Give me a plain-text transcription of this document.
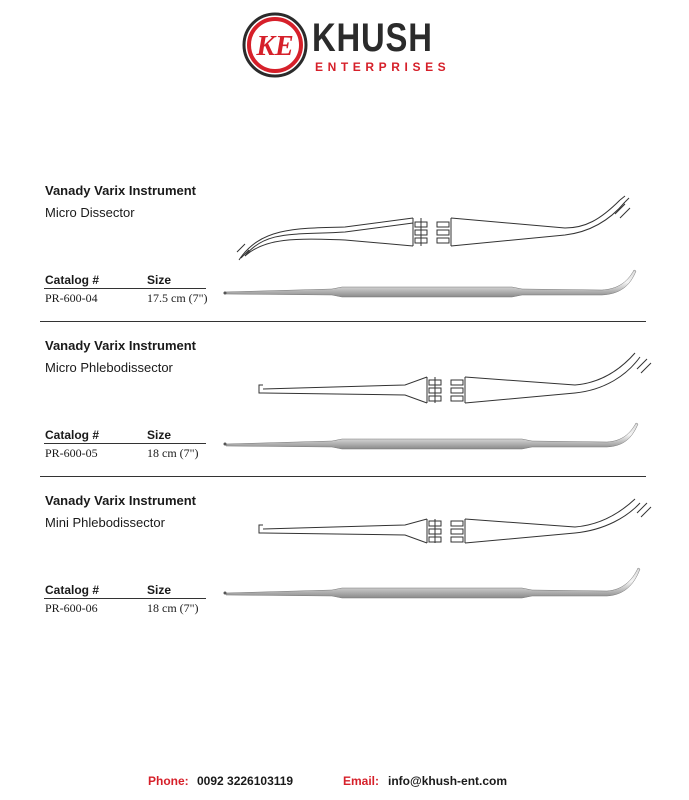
KE KHUSH
ENTERPRISES
Vanady Varix Instrument
Micro Dissector
Catalog #	Size
PR-600-04	17.5 cm (7")
Vanady Varix Instrument
Micro Phlebodissector
Catalog #	Size
PR-600-05	18 cm (7")
Vanady Varix Instrument
Mini Phlebodissector
Catalog #	Size
PR-600-06	18 cm (7")
Phone: 0092 3226103119	Email: info@khush-ent.com
